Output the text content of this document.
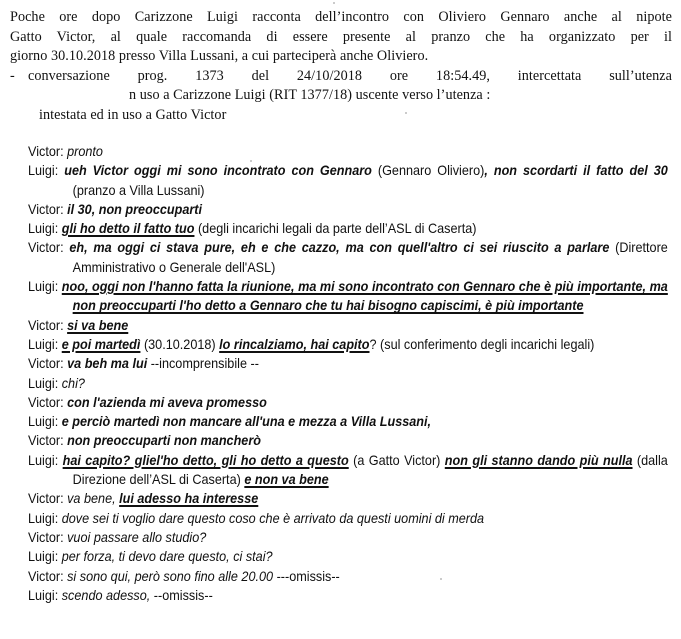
Poche ore dopo Carizzone Luigi racconta dell’incontro con Oliviero Gennaro anche al nipote

Gatto Victor, al quale raccomanda di essere presente al pranzo che ha organizzato per il

giorno 30.10.2018 presso Villa Lussani, a cui parteciperà anche Oliviero.

- conversazione prog. 1373 del 24/10/2018 ore 18:54.49, intercettata sull’utenza

n uso a Carizzone Luigi (RIT 1377/18) uscente verso l’utenza :

intestata ed in uso a Gatto Victor

Victor: pronto

Luigi: ueh Victor oggi mi sono incontrato con Gennaro (Gennaro Oliviero), non scordarti il fatto del 30 (pranzo a Villa Lussani)

Victor: il 30, non preoccuparti

Luigi: gli ho detto il fatto tuo (degli incarichi legali da parte dell’ASL di Caserta)

Victor: eh, ma oggi ci stava pure, eh e che cazzo, ma con quell'altro ci sei riuscito a parlare (Direttore Amministrativo o Generale dell'ASL)

Luigi: noo, oggi non l'hanno fatta la riunione, ma mi sono incontrato con Gennaro che è più importante, ma non preoccuparti l'ho detto a Gennaro che tu hai bisogno capiscimi, è più importante

Victor: si va bene

Luigi: e poi martedì (30.10.2018) lo rincalziamo, hai capito? (sul conferimento degli incarichi legali)

Victor: va beh ma lui --incomprensibile --

Luigi: chi?

Victor: con l'azienda mi aveva promesso

Luigi: e perciò martedì non mancare all'una e mezza a Villa Lussani,

Victor: non preoccuparti non mancherò

Luigi: hai capito? gliel'ho detto, gli ho detto a questo (a Gatto Victor) non gli stanno dando più nulla (dalla Direzione dell’ASL di Caserta) e non va bene

Victor: va bene, lui adesso ha interesse

Luigi: dove sei ti voglio dare questo coso che è arrivato da questi uomini di merda

Victor: vuoi passare allo studio?

Luigi: per forza, ti devo dare questo, ci stai?

Victor: si sono qui, però sono fino alle 20.00 ---omissis--

Luigi: scendo adesso, --omissis--
